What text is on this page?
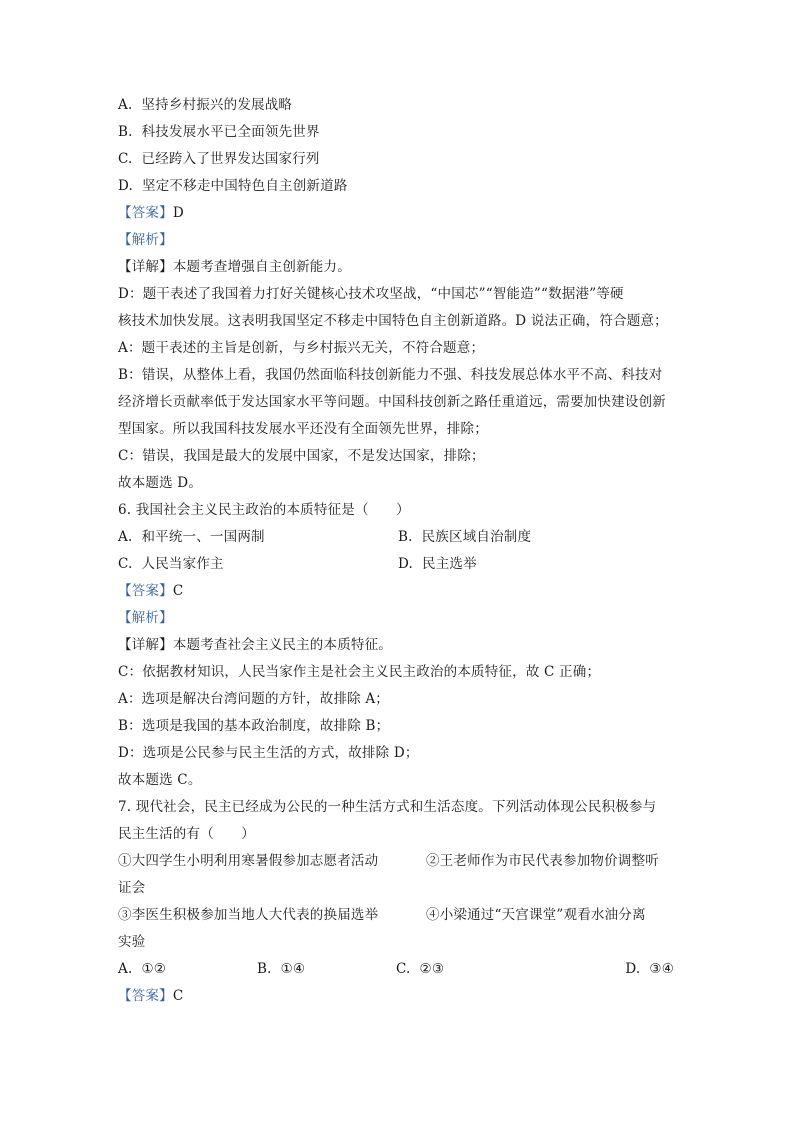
A. 坚持乡村振兴的发展战略
B. 科技发展水平已全面领先世界
C. 已经跨入了世界发达国家行列
D. 坚定不移走中国特色自主创新道路
【答案】D
【解析】
【详解】本题考查增强自主创新能力。
D：题干表述了我国着力打好关键核心技术攻坚战，“中国芯”“智能造”“数据港”等硬
核技术加快发展。这表明我国坚定不移走中国特色自主创新道路。D 说法正确，符合题意；
A：题干表述的主旨是创新，与乡村振兴无关，不符合题意；
B：错误，从整体上看，我国仍然面临科技创新能力不强、科技发展总体水平不高、科技对
经济增长贡献率低于发达国家水平等问题。中国科技创新之路任重道远，需要加快建设创新
型国家。所以我国科技发展水平还没有全面领先世界，排除；
C：错误，我国是最大的发展中国家，不是发达国家，排除；
故本题选 D。
6. 我国社会主义民主政治的本质特征是（　　）
A. 和平统一、一国两制	B. 民族区域自治制度
C. 人民当家作主	D. 民主选举
【答案】C
【解析】
【详解】本题考查社会主义民主的本质特征。
C：依据教材知识，人民当家作主是社会主义民主政治的本质特征，故 C 正确；
A：选项是解决台湾问题的方针，故排除 A；
B：选项是我国的基本政治制度，故排除 B；
D：选项是公民参与民主生活的方式，故排除 D；
故本题选 C。
7. 现代社会，民主已经成为公民的一种生活方式和生活态度。下列活动体现公民积极参与
民主生活的有（　　）
①大四学生小明利用寒暑假参加志愿者活动	②王老师作为市民代表参加物价调整听
证会
③李医生积极参加当地人大代表的换届选举	④小梁通过“天宫课堂”观看水油分离
实验
A. ①②	B. ①④	C. ②③	D. ③④
【答案】C
